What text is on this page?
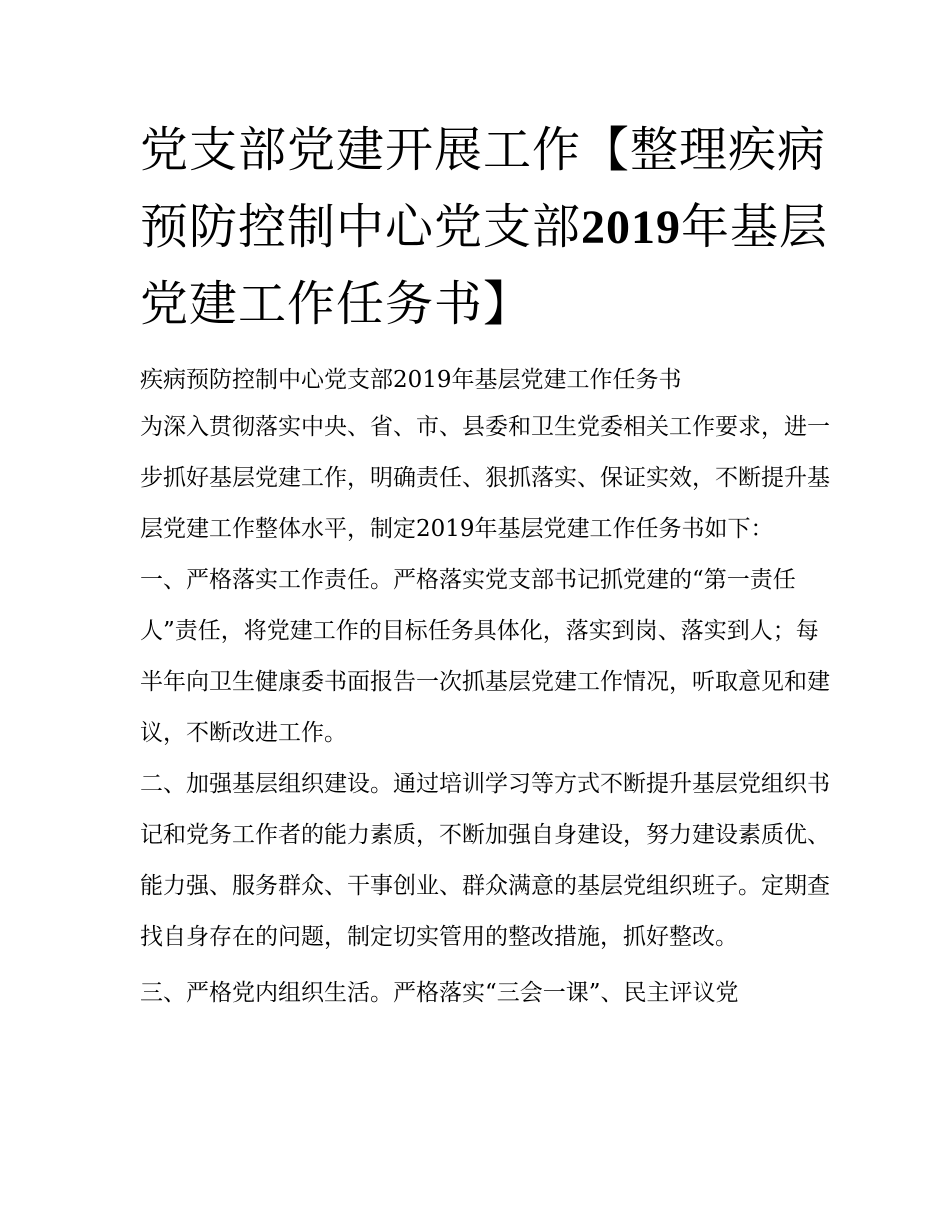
党支部党建开展工作【整理疾病预防控制中心党支部2019年基层党建工作任务书】

疾病预防控制中心党支部2019年基层党建工作任务书

为深入贯彻落实中央、省、市、县委和卫生党委相关工作要求，进一步抓好基层党建工作，明确责任、狠抓落实、保证实效，不断提升基层党建工作整体水平，制定2019年基层党建工作任务书如下：

一、严格落实工作责任。严格落实党支部书记抓党建的“第一责任人”责任，将党建工作的目标任务具体化，落实到岗、落实到人；每半年向卫生健康委书面报告一次抓基层党建工作情况，听取意见和建议，不断改进工作。

二、加强基层组织建设。通过培训学习等方式不断提升基层党组织书记和党务工作者的能力素质，不断加强自身建设，努力建设素质优、能力强、服务群众、干事创业、群众满意的基层党组织班子。定期查找自身存在的问题，制定切实管用的整改措施，抓好整改。

三、严格党内组织生活。严格落实“三会一课”、民主评议党
